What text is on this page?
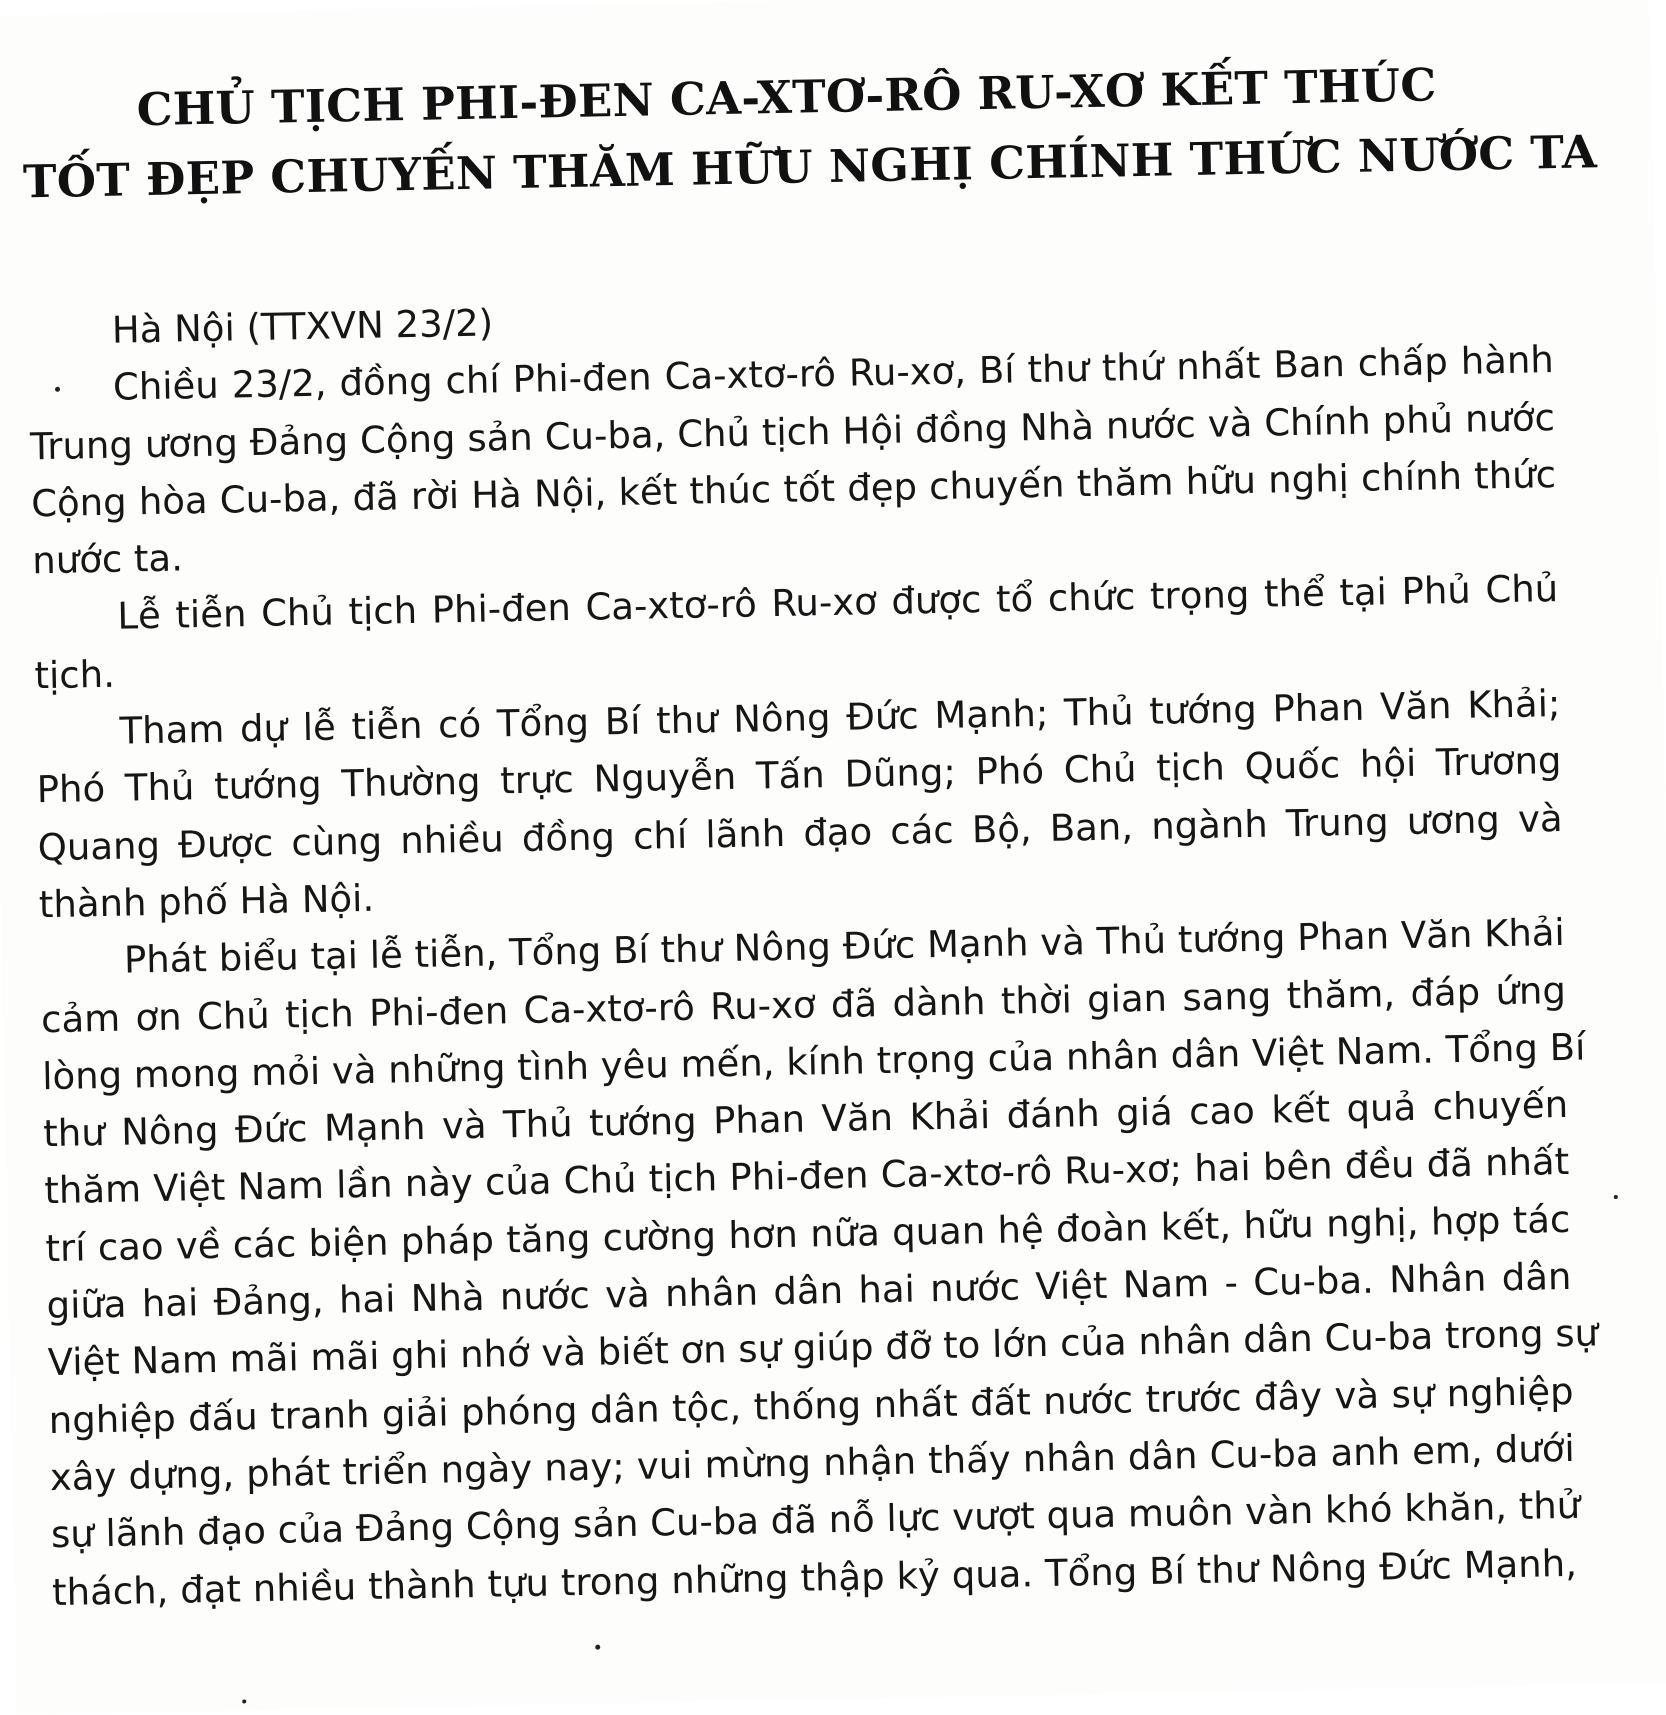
CHỦ TỊCH PHI-ĐEN CA-XTƠ-RÔ RU-XƠ KẾT THÚC
TỐT ĐẸP CHUYẾN THĂM HỮU NGHỊ CHÍNH THỨC NƯỚC TA
Hà Nội (TTXVN 23/2)
Chiều 23/2, đồng chí Phi-đen Ca-xtơ-rô Ru-xơ, Bí thư thứ nhất Ban chấp hành
Trung ương Đảng Cộng sản Cu-ba, Chủ tịch Hội đồng Nhà nước và Chính phủ nước
Cộng hòa Cu-ba, đã rời Hà Nội, kết thúc tốt đẹp chuyến thăm hữu nghị chính thức
nước ta.
Lễ tiễn Chủ tịch Phi-đen Ca-xtơ-rô Ru-xơ được tổ chức trọng thể tại Phủ Chủ
tịch.
Tham dự lễ tiễn có Tổng Bí thư Nông Đức Mạnh; Thủ tướng Phan Văn Khải;
Phó Thủ tướng Thường trực Nguyễn Tấn Dũng; Phó Chủ tịch Quốc hội Trương
Quang Được cùng nhiều đồng chí lãnh đạo các Bộ, Ban, ngành Trung ương và
thành phố Hà Nội.
Phát biểu tại lễ tiễn, Tổng Bí thư Nông Đức Mạnh và Thủ tướng Phan Văn Khải
cảm ơn Chủ tịch Phi-đen Ca-xtơ-rô Ru-xơ đã dành thời gian sang thăm, đáp ứng
lòng mong mỏi và những tình yêu mến, kính trọng của nhân dân Việt Nam. Tổng Bí
thư Nông Đức Mạnh và Thủ tướng Phan Văn Khải đánh giá cao kết quả chuyến
thăm Việt Nam lần này của Chủ tịch Phi-đen Ca-xtơ-rô Ru-xơ; hai bên đều đã nhất
trí cao về các biện pháp tăng cường hơn nữa quan hệ đoàn kết, hữu nghị, hợp tác
giữa hai Đảng, hai Nhà nước và nhân dân hai nước Việt Nam - Cu-ba. Nhân dân
Việt Nam mãi mãi ghi nhớ và biết ơn sự giúp đỡ to lớn của nhân dân Cu-ba trong sự
nghiệp đấu tranh giải phóng dân tộc, thống nhất đất nước trước đây và sự nghiệp
xây dựng, phát triển ngày nay; vui mừng nhận thấy nhân dân Cu-ba anh em, dưới
sự lãnh đạo của Đảng Cộng sản Cu-ba đã nỗ lực vượt qua muôn vàn khó khăn, thử
thách, đạt nhiều thành tựu trong những thập kỷ qua. Tổng Bí thư Nông Đức Mạnh,
